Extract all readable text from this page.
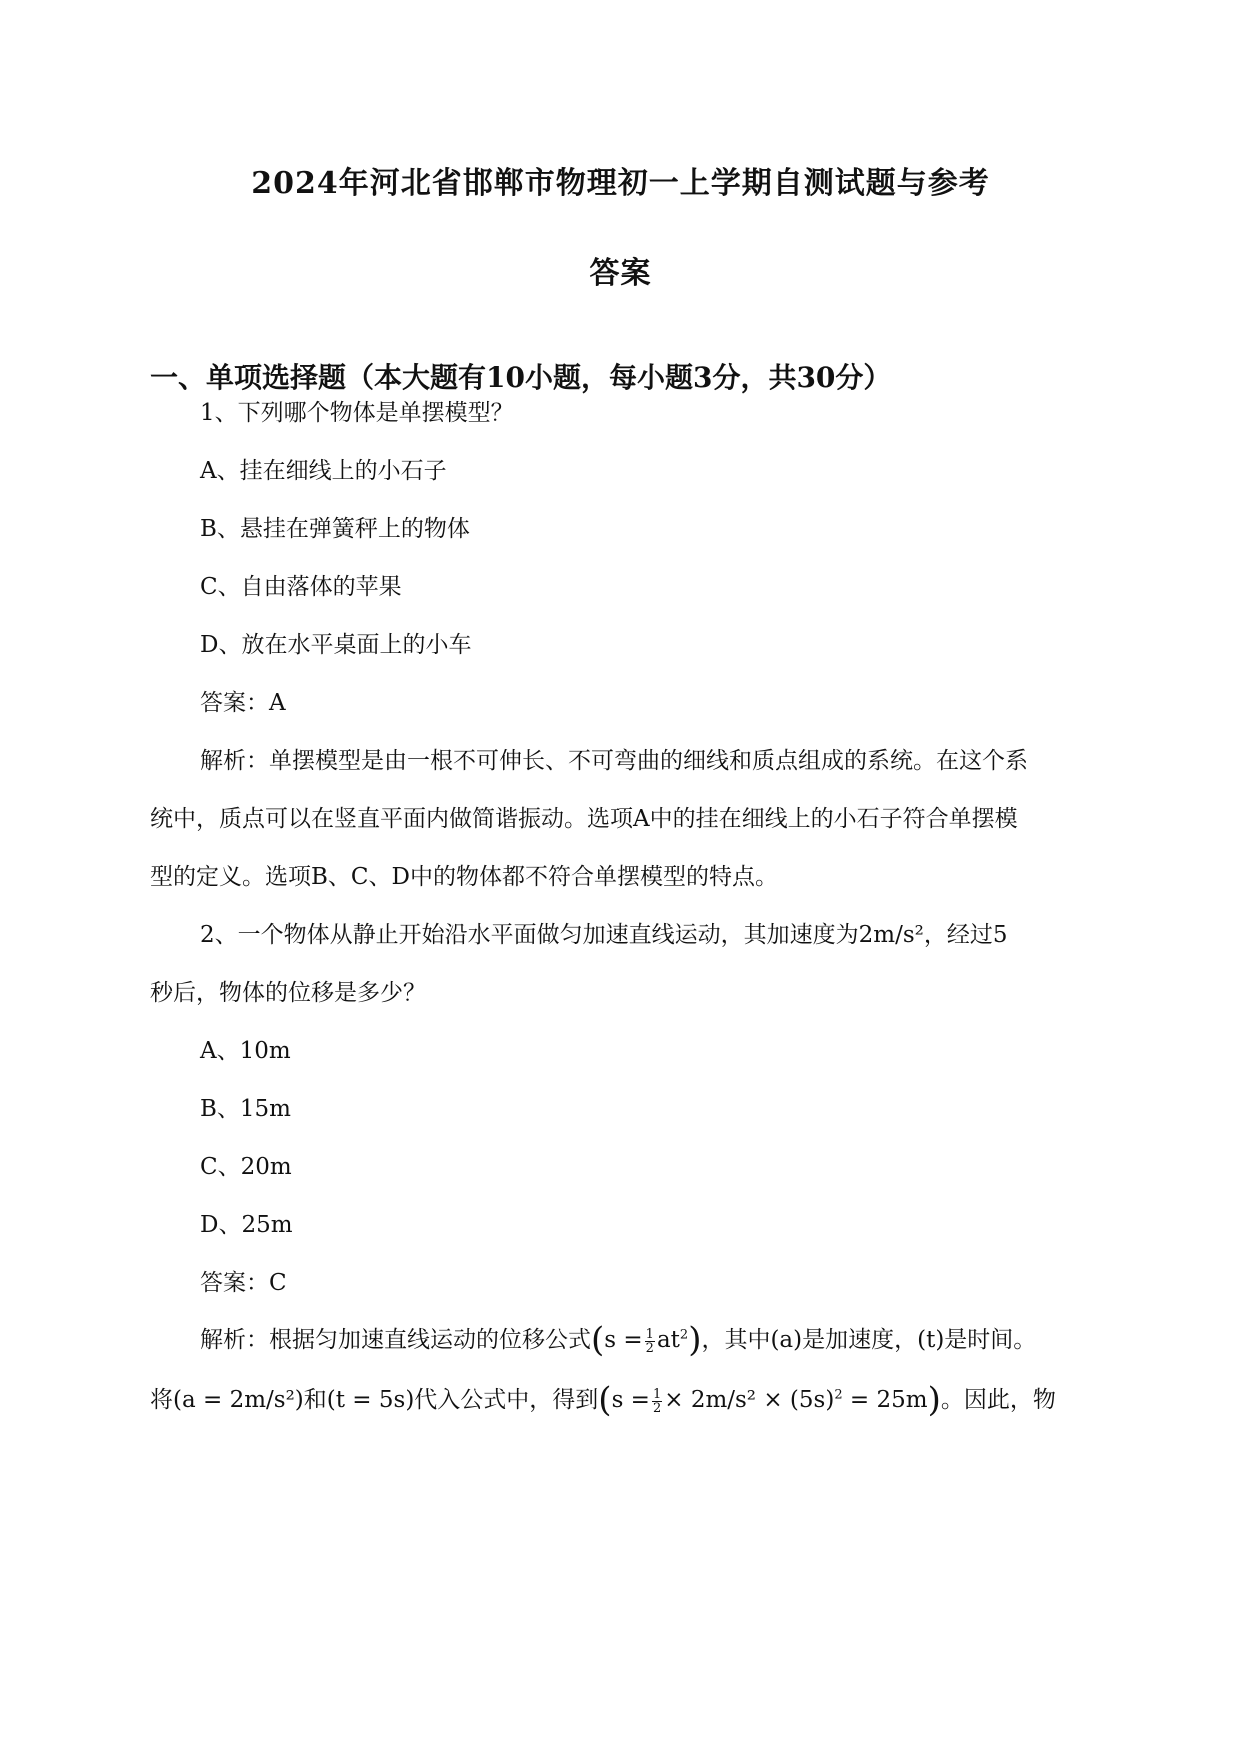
2024年河北省邯郸市物理初一上学期自测试题与参考
答案
一、单项选择题（本大题有10小题，每小题3分，共30分）
1、下列哪个物体是单摆模型？
A、挂在细线上的小石子
B、悬挂在弹簧秤上的物体
C、自由落体的苹果
D、放在水平桌面上的小车
答案：A
解析：单摆模型是由一根不可伸长、不可弯曲的细线和质点组成的系统。在这个系
统中，质点可以在竖直平面内做简谐振动。选项A中的挂在细线上的小石子符合单摆模
型的定义。选项B、C、D中的物体都不符合单摆模型的特点。
2、一个物体从静止开始沿水平面做匀加速直线运动，其加速度为2m/s²，经过5
秒后，物体的位移是多少？
A、10m
B、15m
C、20m
D、25m
答案：C
解析：根据匀加速直线运动的位移公式$(s = \frac{1}{2} at^2)$，其中(a)是加速度，(t)是时间。
将(a = 2m/s²)和(t = 5s)代入公式中，得到$(s = \frac{1}{2} \times 2m/s^2 \times (5s)^2 = 25m)$。因此，物
